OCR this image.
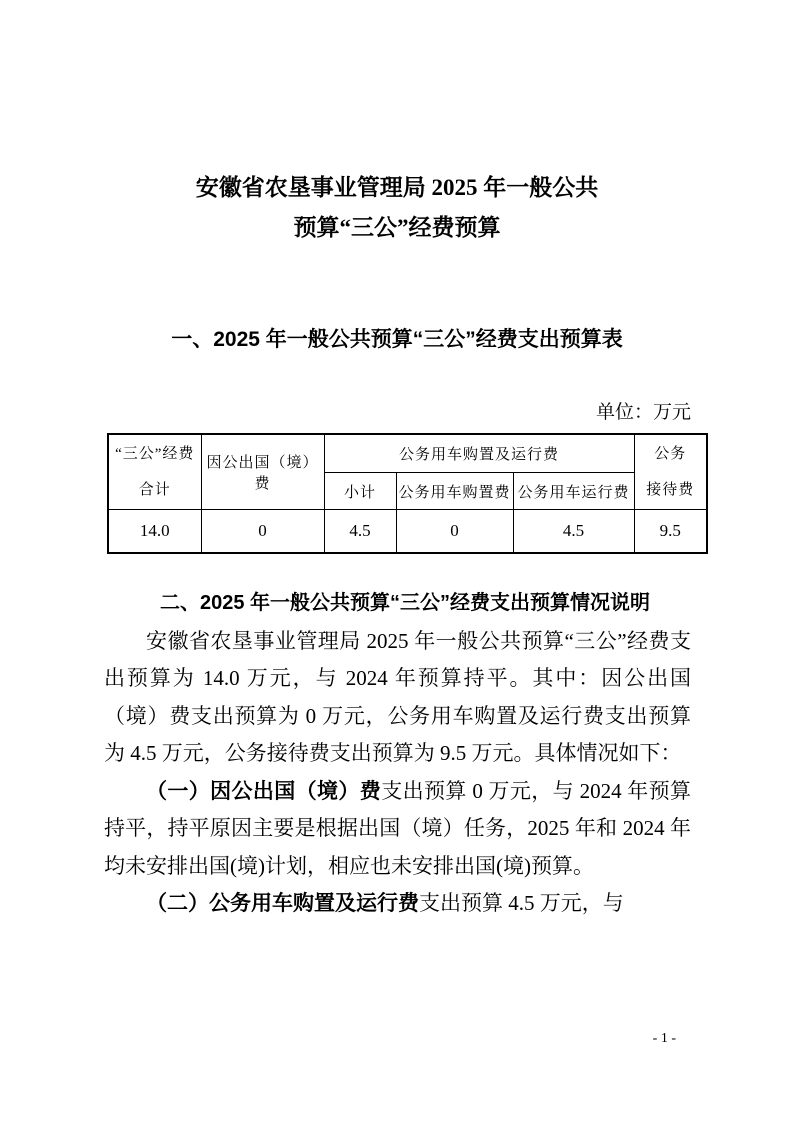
安徽省农垦事业管理局 2025 年一般公共
预算“三公”经费预算
一、2025 年一般公共预算“三公”经费支出预算表
单位：万元
“三公”经费
合计
	因公出国（境）费	公务用车购置及运行费	公务
接待费

		小计	公务用车购置费	公务用车运行费	
14.0	0	4.5	0	4.5	9.5

二、2025 年一般公共预算“三公”经费支出预算情况说明

安徽省农垦事业管理局 2025 年一般公共预算“三公”经费支出预算为 14.0 万元，与 2024 年预算持平。其中：因公出国（境）费支出预算为 0 万元，公务用车购置及运行费支出预算为 4.5 万元，公务接待费支出预算为 9.5 万元。具体情况如下：

（一）因公出国（境）费支出预算 0 万元，与 2024 年预算持平，持平原因主要是根据出国（境）任务，2025 年和 2024 年均未安排出国(境)计划，相应也未安排出国(境)预算。

（二）公务用车购置及运行费支出预算 4.5 万元，与

- 1 -
